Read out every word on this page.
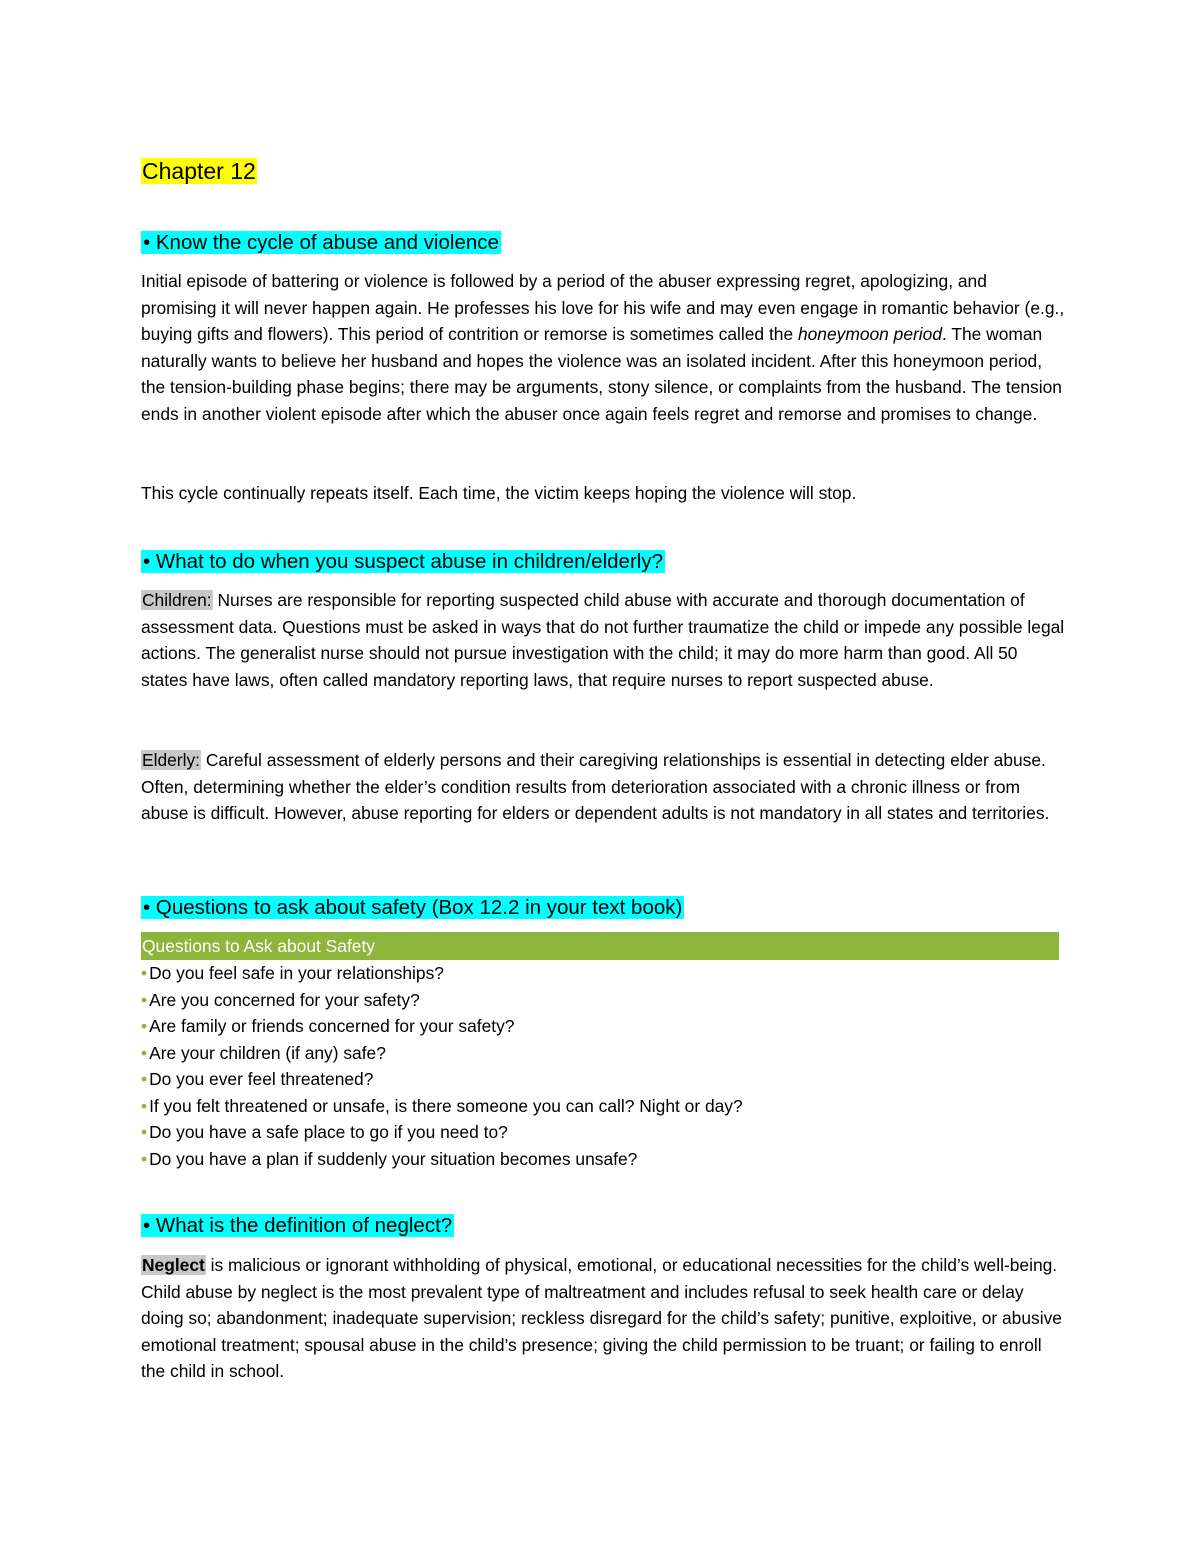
Chapter 12
• Know the cycle of abuse and violence

Initial episode of battering or violence is followed by a period of the abuser expressing regret, apologizing, and promising it will never happen again. He professes his love for his wife and may even engage in romantic behavior (e.g., buying gifts and flowers). This period of contrition or remorse is sometimes called the honeymoon period. The woman naturally wants to believe her husband and hopes the violence was an isolated incident. After this honeymoon period, the tension-building phase begins; there may be arguments, stony silence, or complaints from the husband. The tension ends in another violent episode after which the abuser once again feels regret and remorse and promises to change.

This cycle continually repeats itself. Each time, the victim keeps hoping the violence will stop.

• What to do when you suspect abuse in children/elderly?

Children: Nurses are responsible for reporting suspected child abuse with accurate and thorough documentation of assessment data. Questions must be asked in ways that do not further traumatize the child or impede any possible legal actions. The generalist nurse should not pursue investigation with the child; it may do more harm than good. All 50 states have laws, often called mandatory reporting laws, that require nurses to report suspected abuse.

Elderly: Careful assessment of elderly persons and their caregiving relationships is essential in detecting elder abuse. Often, determining whether the elder’s condition results from deterioration associated with a chronic illness or from abuse is difficult. However, abuse reporting for elders or dependent adults is not mandatory in all states and territories.

• Questions to ask about safety (Box 12.2 in your text book)
Questions to Ask about Safety
• Do you feel safe in your relationships?
• Are you concerned for your safety?
• Are family or friends concerned for your safety?
• Are your children (if any) safe?
• Do you ever feel threatened?
• If you felt threatened or unsafe, is there someone you can call? Night or day?
• Do you have a safe place to go if you need to?
• Do you have a plan if suddenly your situation becomes unsafe?
• What is the definition of neglect?

Neglect is malicious or ignorant withholding of physical, emotional, or educational necessities for the child’s well-being. Child abuse by neglect is the most prevalent type of maltreatment and includes refusal to seek health care or delay doing so; abandonment; inadequate supervision; reckless disregard for the child’s safety; punitive, exploitive, or abusive emotional treatment; spousal abuse in the child’s presence; giving the child permission to be truant; or failing to enroll the child in school.
